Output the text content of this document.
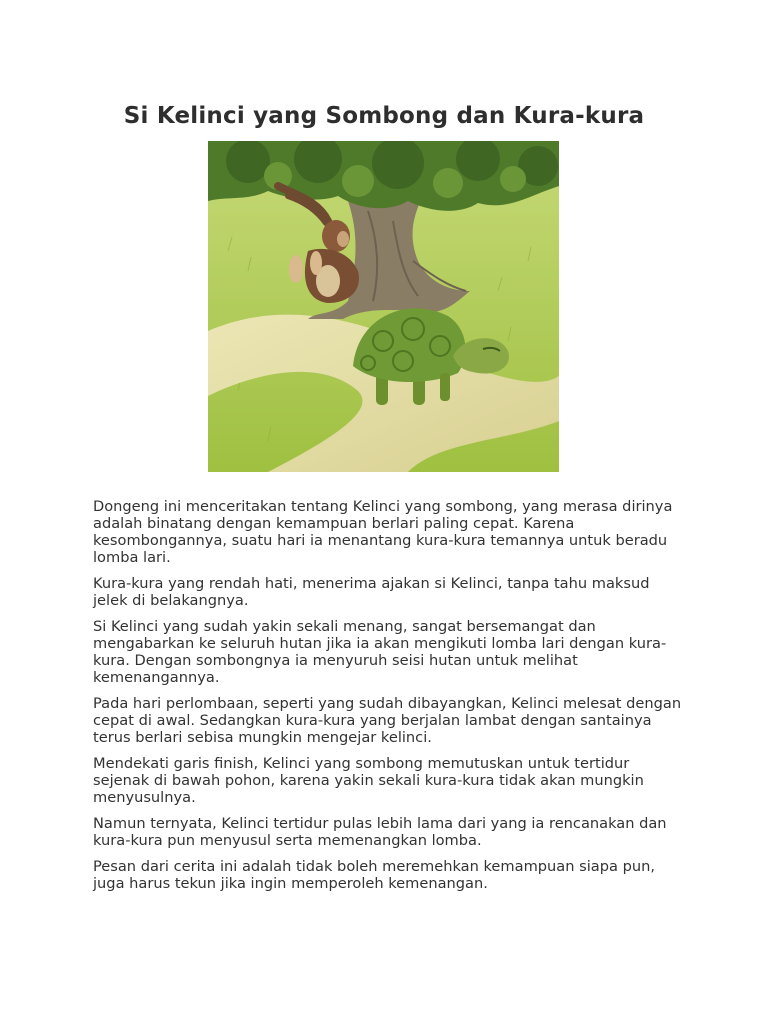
Si Kelinci yang Sombong dan Kura-kura

Dongeng ini menceritakan tentang Kelinci yang sombong, yang merasa dirinya adalah binatang dengan kemampuan berlari paling cepat. Karena kesombongannya, suatu hari ia menantang kura-kura temannya untuk beradu lomba lari.

Kura-kura yang rendah hati, menerima ajakan si Kelinci, tanpa tahu maksud jelek di belakangnya.

Si Kelinci yang sudah yakin sekali menang, sangat bersemangat dan mengabarkan ke seluruh hutan jika ia akan mengikuti lomba lari dengan kura-kura. Dengan sombongnya ia menyuruh seisi hutan untuk melihat kemenangannya.

Pada hari perlombaan, seperti yang sudah dibayangkan, Kelinci melesat dengan cepat di awal. Sedangkan kura-kura yang berjalan lambat dengan santainya terus berlari sebisa mungkin mengejar kelinci.

Mendekati garis finish, Kelinci yang sombong memutuskan untuk tertidur sejenak di bawah pohon, karena yakin sekali kura-kura tidak akan mungkin menyusulnya.

Namun ternyata, Kelinci tertidur pulas lebih lama dari yang ia rencanakan dan kura-kura pun menyusul serta memenangkan lomba.

Pesan dari cerita ini adalah tidak boleh meremehkan kemampuan siapa pun, juga harus tekun jika ingin memperoleh kemenangan.
